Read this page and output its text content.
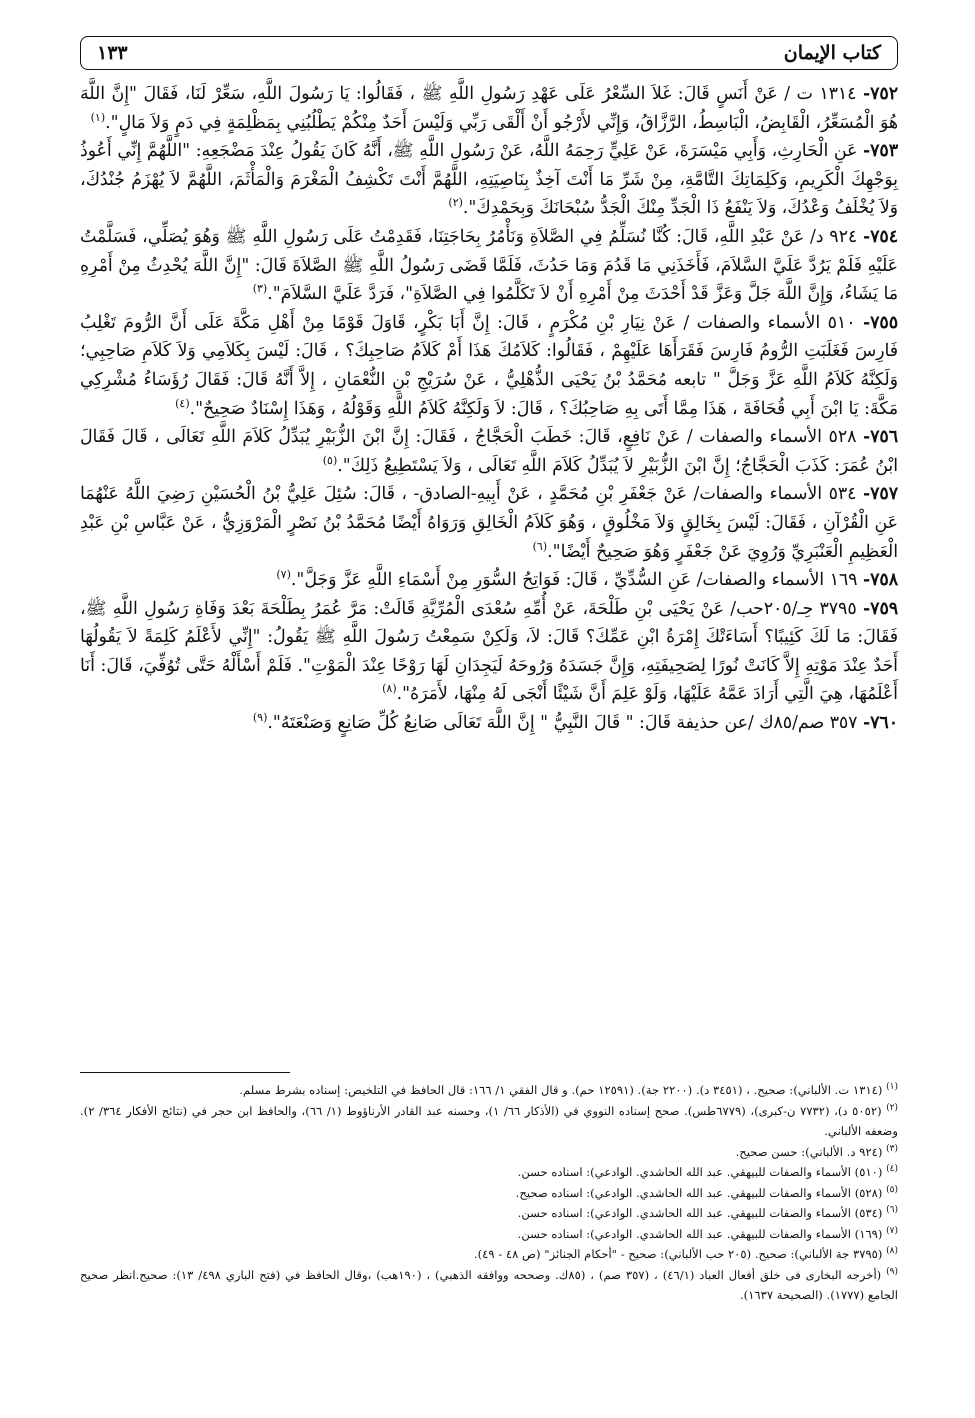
كتاب الإيمان
١٣٣

٧٥٢- ١٣١٤ ت / عَنْ أَنَسٍ قَالَ: غَلاَ السِّعْرُ عَلَى عَهْدِ رَسُولِ اللَّهِ ﷺ ، فَقَالُوا: يَا رَسُولَ اللَّهِ، سَعِّرْ لَنَا، فَقَالَ "إِنَّ اللَّهَ هُوَ الْمُسَعِّرُ، الْقَابِضُ، الْبَاسِطُ، الرَّزَّاقُ، وَإِنِّي لأَرْجُو أَنْ أَلْقَى رَبِّي وَلَيْسَ أَحَدٌ مِنْكُمْ يَطْلُبُنِي بِمَظْلِمَةٍ فِي دَمٍ وَلاَ مَالٍ".$^{(١)}$

٧٥٣- عَنِ الْحَارِثِ، وَأَبِي مَيْسَرَةَ، عَنْ عَلِيٍّ رَحِمَهُ اللَّهُ، عَنْ رَسُولِ اللَّهِ ﷺ، أَنَّهُ كَانَ يَقُولُ عِنْدَ مَضْجَعِهِ: "اللَّهُمَّ إِنِّي أَعُوذُ بِوَجْهِكَ الْكَرِيمِ، وَكَلِمَاتِكَ التَّامَّةِ، مِنْ شَرِّ مَا أَنْتَ آخِذٌ بِنَاصِيَتِهِ، اللَّهُمَّ أَنْتَ تَكْشِفُ الْمَغْرَمَ وَالْمَأْثَمَ، اللَّهُمَّ لاَ يُهْزَمُ جُنْدُكَ، وَلاَ يُخْلَفُ وَعْدُكَ، وَلاَ يَنْفَعُ ذَا الْجَدِّ مِنْكَ الْجَدُّ سُبْحَانَكَ وَبِحَمْدِكَ".$^{(٢)}$

٧٥٤- ٩٢٤ د/ عَنْ عَبْدِ اللَّهِ، قَالَ: كُنَّا نُسَلِّمُ فِي الصَّلاَةِ وَنَأْمُرُ بِحَاجَتِنَا، فَقَدِمْتُ عَلَى رَسُولِ اللَّهِ ﷺ وَهُوَ يُصَلِّي، فَسَلَّمْتُ عَلَيْهِ فَلَمْ يَرُدَّ عَلَيَّ السَّلاَمَ، فَأَخَذَنِي مَا قَدُمَ وَمَا حَدُثَ، فَلَمَّا قَضَى رَسُولُ اللَّهِ ﷺ الصَّلاَةَ قَالَ: "إِنَّ اللَّهَ يُحْدِثُ مِنْ أَمْرِهِ مَا يَشَاءُ، وَإِنَّ اللَّهَ جَلَّ وَعَزَّ قَدْ أَحْدَثَ مِنْ أَمْرِهِ أَنْ لاَ تَكَلَّمُوا فِي الصَّلاَةِ"، فَرَدَّ عَلَيَّ السَّلاَمَ".$^{(٣)}$

٧٥٥- ٥١٠ الأسماء والصفات / عَنْ نِيَارِ بْنِ مُكْرَمٍ ، قَالَ: إِنَّ أَبَا بَكْرٍ، قَاوَلَ قَوْمًا مِنْ أَهْلِ مَكَّةَ عَلَى أَنَّ الرُّومَ تَغْلِبُ فَارِسَ فَغَلَبَتِ الرُّومُ فَارِسَ فَقَرَأَهَا عَلَيْهِمْ ، فَقَالُوا: كَلاَمُكَ هَذَا أَمْ كَلاَمُ صَاحِبِكَ؟ ، قَالَ: لَيْسَ بِكَلاَمِي وَلاَ كَلاَمِ صَاحِبِي؛ وَلَكِنَّهُ كَلاَمُ اللَّهِ عَزَّ وَجَلَّ " تابعه مُحَمَّدُ بْنُ يَحْيَى الذُّهْلِيُّ ، عَنْ سُرَيْجِ بْنِ النُّعْمَانِ ، إِلاَّ أَنَّهُ قَالَ: فَقَالَ رُؤَسَاءُ مُشْرِكِي مَكَّةَ: يَا ابْنَ أَبِي قُحَافَةَ ، هَذَا مِمَّا أَتَى بِهِ صَاحِبُكَ؟ ، قَالَ: لاَ وَلَكِنَّهُ كَلاَمُ اللَّهِ وَقَوْلُهُ ، وَهَذَا إِسْنَادٌ صَحِيحٌ".$^{(٤)}$

٧٥٦- ٥٢٨ الأسماء والصفات / عَنْ نَافِعٍ، قَالَ: خَطَبَ الْحَجَّاجُ ، فَقَالَ: إِنَّ ابْنَ الزُّبَيْرِ يُبَدِّلُ كَلاَمَ اللَّهِ تَعَالَى ، قَالَ فَقَالَ ابْنُ عُمَرَ: كَذَبَ الْحَجَّاجُ؛ إِنَّ ابْنَ الزُّبَيْرِ لاَ يُبَدِّلُ كَلاَمَ اللَّهِ تَعَالَى ، وَلاَ يَسْتَطِيعُ ذَلِكَ".$^{(٥)}$

٧٥٧- ٥٣٤ الأسماء والصفات/ عَنْ جَعْفَرِ بْنِ مُحَمَّدٍ ، عَنْ أَبِيهِ-الصادق- ، قَالَ: سُئِلَ عَلِيُّ بْنُ الْحُسَيْنِ رَضِيَ اللَّهُ عَنْهُمَا عَنِ الْقُرْآنِ ، فَقَالَ: لَيْسَ بِخَالِقٍ وَلاَ مَخْلُوقٍ ، وَهُوَ كَلاَمُ الْخَالِقِ وَرَوَاهُ أَيْضًا مُحَمَّدُ بْنُ نَصْرٍ الْمَرْوَزِيُّ ، عَنْ عَبَّاسِ بْنِ عَبْدِ الْعَظِيمِ الْعَنْبَرِيِّ وَرُوِيَ عَنْ جَعْفَرٍ وَهُوَ صَحِيحٌ أَيْضًا".$^{(٦)}$

٧٥٨- ١٦٩ الأسماء والصفات/ عَنِ السُّدِّيِّ ، قَالَ: فَوَاتِحُ السُّوَرِ مِنْ أَسْمَاءِ اللَّهِ عَزَّ وَجَلَّ".$^{(٧)}$

٧٥٩- ٣٧٩٥ حِـ/٢٠٥حب/ عَنْ يَحْيَى بْنِ طَلْحَةَ، عَنْ أُمِّهِ سُعْدَى الْمُرِّيَّةِ قَالَتْ: مَرَّ عُمَرُ بِطَلْحَةَ بَعْدَ وَفَاةِ رَسُولِ اللَّهِ ﷺ، فَقَالَ: مَا لَكَ كَئِيبًا؟ أَسَاءَتْكَ إِمْرَةُ ابْنِ عَمِّكَ؟ قَالَ: لاَ، وَلَكِنْ سَمِعْتُ رَسُولَ اللَّهِ ﷺ يَقُولُ: "إِنِّي لأَعْلَمُ كَلِمَةً لاَ يَقُولُهَا أَحَدٌ عِنْدَ مَوْتِهِ إِلاَّ كَانَتْ نُورًا لِصَحِيفَتِهِ، وَإِنَّ جَسَدَهُ وَرُوحَهُ لَيَجِدَانِ لَهَا رَوْحًا عِنْدَ الْمَوْتِ". فَلَمْ أَسْأَلْهُ حَتَّى تُوُفِّيَ، قَالَ: أَنَا أَعْلَمُهَا، هِيَ الَّتِي أَرَادَ عَمَّهُ عَلَيْهَا، وَلَوْ عَلِمَ أَنَّ شَيْئًا أَنْجَى لَهُ مِنْهَا، لأَمَرَهُ".$^{(٨)}$

٧٦٠- ٣٥٧ صم/٨٥ك /عن حذيفة قَالَ: " قَالَ النَّبِيُّ " إِنَّ اللَّهَ تَعَالَى صَانِعُ كُلِّ صَانِعٍ وَصَنْعَتَهُ".$^{(٩)}$

$^{(١)}$ (١٣١٤ ت. الألباني): صحيح. ، (٣٤٥١ د). (٢٢٠٠ جة). (١٢٥٩١ حم). و قال الفقي ١/ ١٦٦: قال الحافظ في التلخيص: إسناده بشرط مسلم.

$^{(٢)}$ (٥٠٥٢ د)، (٧٧٣٢ ن-كبرى)، (٦٧٧٩طس). صحح إسناده النووي في (الأذكار ٦٦/ ١)، وحسنه عبد القادر الأرناؤوط (١/ ٦٦)، والحافظ ابن حجر في (نتائج الأفكار ٣٦٤/ ٢). وضعفه الألباني.

$^{(٣)}$ (٩٢٤ د. الألباني): حسن صحيح.

$^{(٤)}$ (٥١٠) الأسماء والصفات للبيهقي. عبد الله الحاشدي. الوادعي): اسناده حسن.

$^{(٥)}$ (٥٢٨) الأسماء والصفات للبيهقي. عبد الله الحاشدي. الوادعي): اسناده صحيح.

$^{(٦)}$ (٥٣٤) الأسماء والصفات للبيهقي. عبد الله الحاشدي. الوادعي): اسناده حسن.

$^{(٧)}$ (١٦٩) الأسماء والصفات للبيهقي. عبد الله الحاشدي. الوادعي): اسناده حسن.

$^{(٨)}$ (٣٧٩٥ جة الألباني): صحيح. (٢٠٥ حب الألباني): صحيح - "أحكام الجنائز" (ص ٤٨ - ٤٩).

$^{(٩)}$ (أخرجه البخارى فى خلق أفعال العباد (٤٦/١) ، (٣٥٧ صم) ، (٨٥ك. وصححه ووافقه الذهبي) ، (١٩٠هب) ،وقال الحافظ في (فتح الباري ٤٩٨/ ١٣): صحيح.انظر صحيح الجامع (١٧٧٧). (الصحيحة ١٦٣٧).
